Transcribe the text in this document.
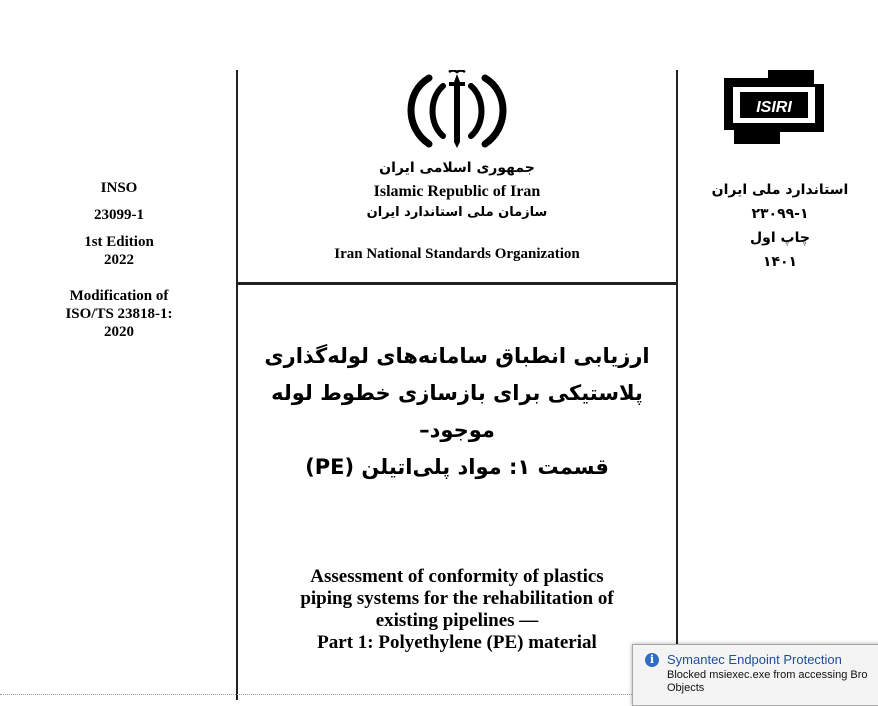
INSO
23099-1
1st Edition
2022
Modification of
ISO/TS 23818-1:
2020
ISIRI
استاندارد ملی ایران
۲۳۰۹۹-۱
چاپ اول
۱۴۰۱
جمهوری اسلامی ایران
Islamic Republic of Iran
سازمان ملی استاندارد ایران
Iran National Standards Organization
ارزیابی انطباق سامانه‌های لوله‌گذاری
پلاستیکی برای بازسازی خطوط لوله
موجود–
قسمت ۱: مواد پلی‌اتیلن (PE)
Assessment of conformity of plastics
piping systems for the rehabilitation of
existing pipelines —
Part 1: Polyethylene (PE) material
i Symantec Endpoint Protection
Blocked msiexec.exe from accessing Bro
Objects
